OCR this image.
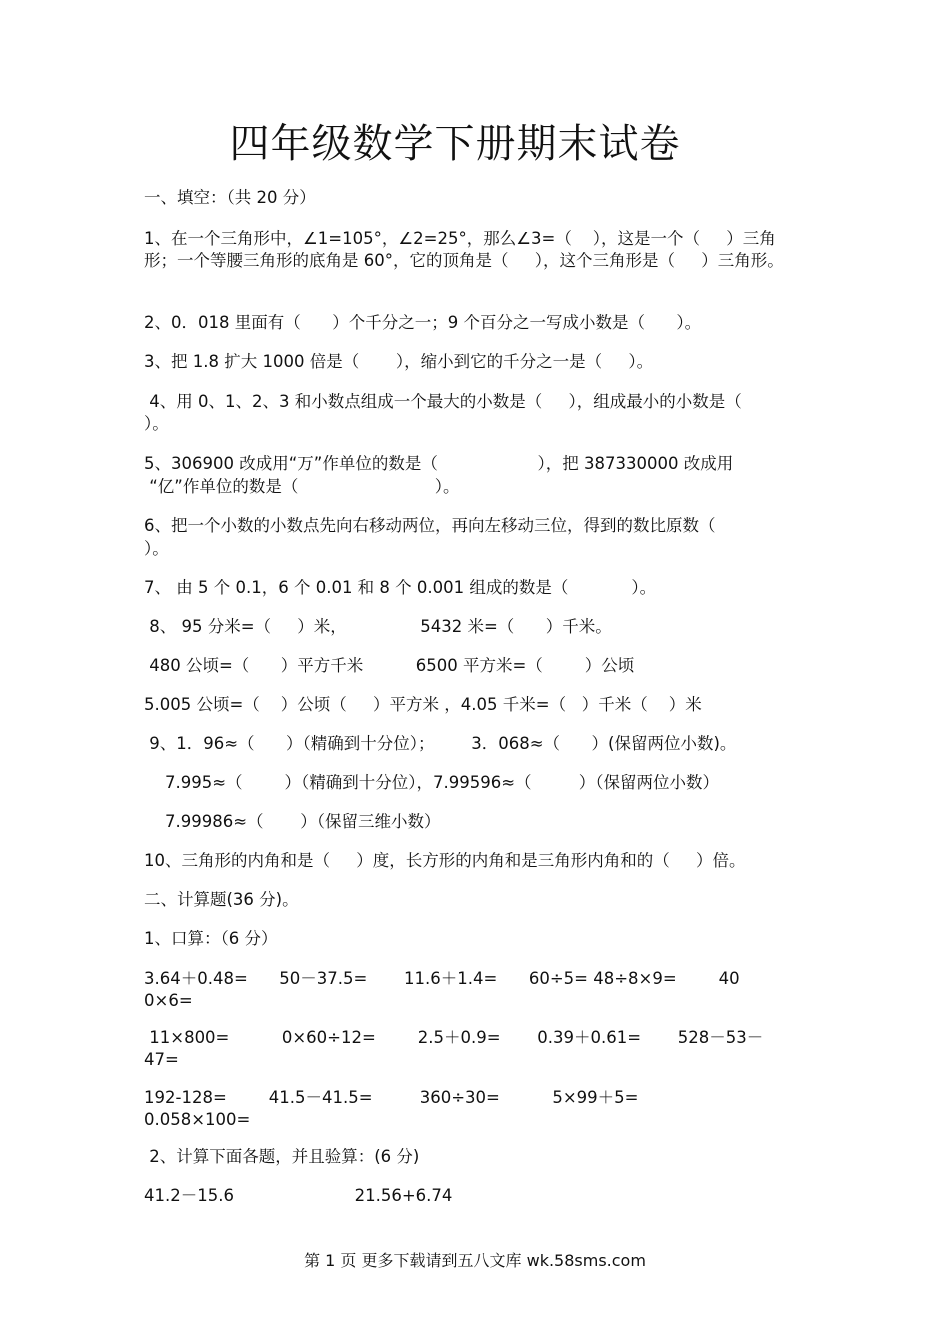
四年级数学下册期末试卷
一、填空：（共 20 分）
1、在一个三角形中，∠1=105°，∠2=25°，那么∠3=（    ），这是一个（     ）三角
形；一个等腰三角形的底角是 60°，它的顶角是（     ），这个三角形是（     ）三角形。
2、0．018 里面有（      ）个千分之一；9 个百分之一写成小数是（      ）。
3、把 1.8 扩大 1000 倍是（       ），缩小到它的千分之一是（     ）。
4、用 0、1、2、3 和小数点组成一个最大的小数是（     ），组成最小的小数是（
）。
5、306900 改成用“万”作单位的数是（                   ），把 387330000 改成用
“亿”作单位的数是（                          ）。
6、把一个小数的小数点先向右移动两位，再向左移动三位，得到的数比原数（
）。
7、 由 5 个 0.1，6 个 0.01 和 8 个 0.001 组成的数是（            ）。
8、 95 分米=（     ）米，              5432 米=（      ）千米。
480 公顷=（      ）平方千米          6500 平方米=（        ）公顷
5.005 公顷=（    ）公顷（     ）平方米 ，4.05 千米=（   ）千米（    ）米
9、1．96≈（      ）（精确到十分位）；       3．068≈（      ）(保留两位小数)。
7.995≈（        ）（精确到十分位），7.99596≈（         ）（保留两位小数）
7.99986≈（       ）（保留三维小数）
10、三角形的内角和是（     ）度，长方形的内角和是三角形内角和的（     ）倍。
二、计算题(36 分)。
1、口算：（6 分）
3.64＋0.48=      50－37.5=       11.6＋1.4=      60÷5= 48÷8×9=        40
0×6=
11×800=          0×60÷12=        2.5＋0.9=       0.39＋0.61=       528－53－
47=
192-128=        41.5－41.5=         360÷30=          5×99＋5=
0.058×100=
2、计算下面各题，并且验算：(6 分)
41.2－15.6                       21.56+6.74
第 1 页 更多下载请到五八文库 wk.58sms.com
